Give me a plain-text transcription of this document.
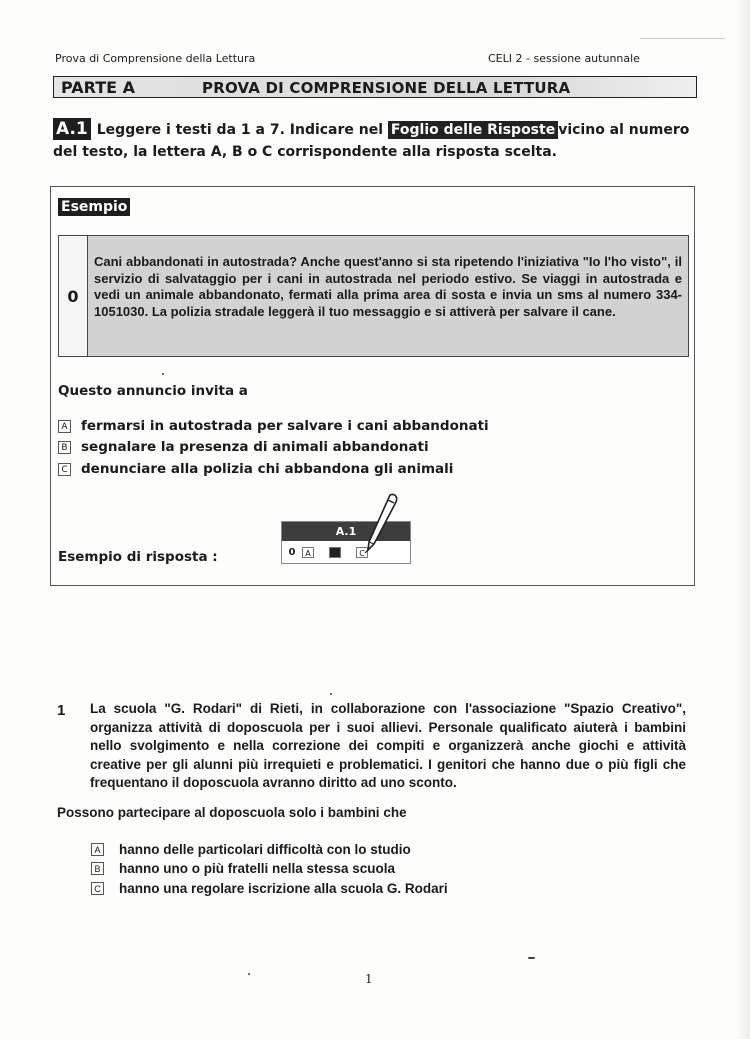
Prova di Comprensione della Lettura	CELI 2 - sessione autunnale
PARTE A	PROVA DI COMPRENSIONE DELLA LETTURA
A.1 Leggere i testi da 1 a 7. Indicare nel Foglio delle Risposte vicino al numero del testo, la lettera A, B o C corrispondente alla risposta scelta.
Esempio
0
Cani abbandonati in autostrada? Anche quest'anno si sta ripetendo l'iniziativa "Io l'ho visto", il servizio di salvataggio per i cani in autostrada nel periodo estivo. Se viaggi in autostrada e vedi un animale abbandonato, fermati alla prima area di sosta e invia un sms al numero 334-1051030. La polizia stradale leggerà il tuo messaggio e si attiverà per salvare il cane.
Questo annuncio invita a
A fermarsi in autostrada per salvare i cani abbandonati
B segnalare la presenza di animali abbandonati
C denunciare alla polizia chi abbandona gli animali
Esempio di risposta :
A.1
0	A	B	C
1 La scuola "G. Rodari" di Rieti, in collaborazione con l'associazione "Spazio Creativo", organizza attività di doposcuola per i suoi allievi. Personale qualificato aiuterà i bambini nello svolgimento e nella correzione dei compiti e organizzerà anche giochi e attività creative per gli alunni più irrequieti e problematici. I genitori che hanno due o più figli che frequentano il doposcuola avranno diritto ad uno sconto.
Possono partecipare al doposcuola solo i bambini che
A hanno delle particolari difficoltà con lo studio
B hanno uno o più fratelli nella stessa scuola
C hanno una regolare iscrizione alla scuola G. Rodari
1
